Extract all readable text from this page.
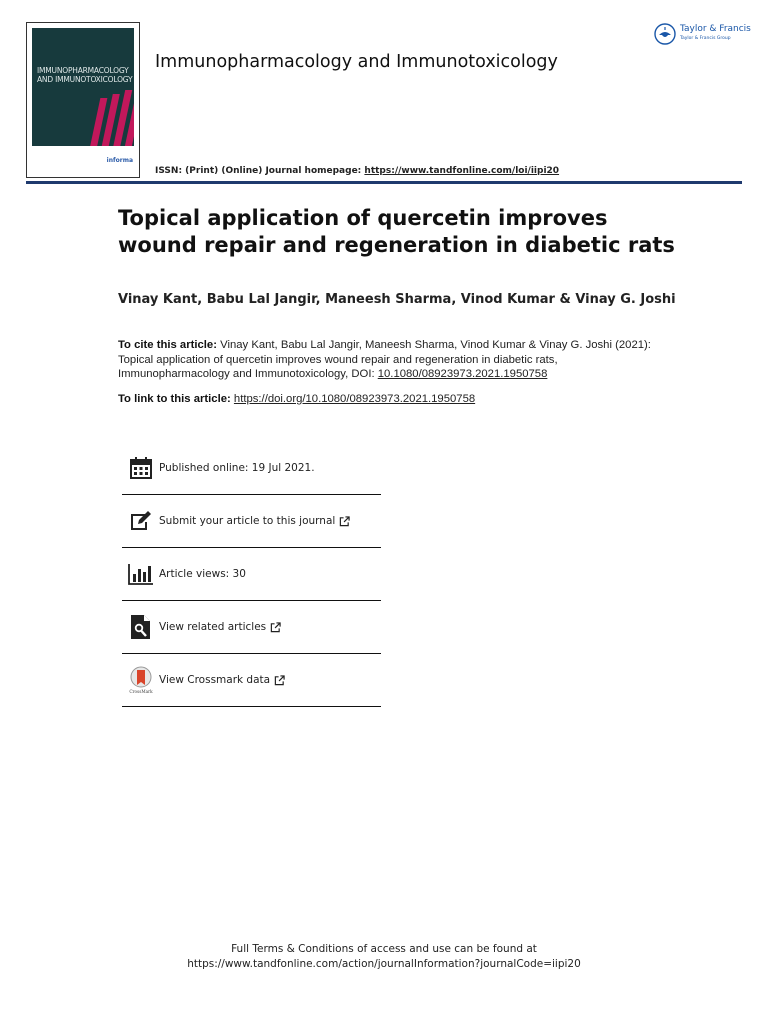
IMMUNOPHARMACOLOGY AND IMMUNOTOXICOLOGY
informa
Immunopharmacology and Immunotoxicology
Taylor & Francis
Taylor & Francis Group
ISSN: (Print) (Online) Journal homepage: https://www.tandfonline.com/loi/iipi20
Topical application of quercetin improves wound repair and regeneration in diabetic rats
Vinay Kant, Babu Lal Jangir, Maneesh Sharma, Vinod Kumar & Vinay G. Joshi
To cite this article: Vinay Kant, Babu Lal Jangir, Maneesh Sharma, Vinod Kumar & Vinay G. Joshi (2021): Topical application of quercetin improves wound repair and regeneration in diabetic rats, Immunopharmacology and Immunotoxicology, DOI: 10.1080/08923973.2021.1950758
To link to this article: https://doi.org/10.1080/08923973.2021.1950758
Published online: 19 Jul 2021.
Submit your article to this journal
Article views: 30
View related articles
CrossMark
View Crossmark data
Full Terms & Conditions of access and use can be found at
https://www.tandfonline.com/action/journalInformation?journalCode=iipi20
